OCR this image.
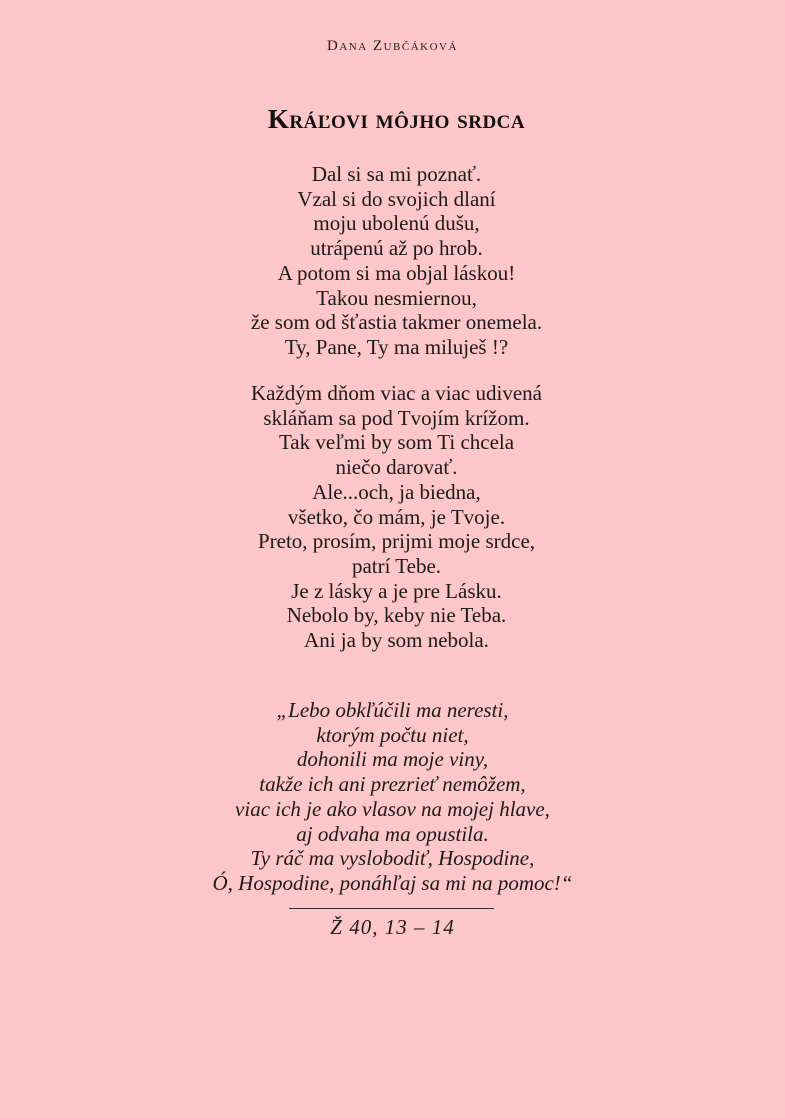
Dana Zubčáková
Kráľovi môjho srdca
Dal si sa mi poznať.
Vzal si do svojich dlaní
moju ubolenú dušu,
utrápenú až po hrob.
A potom si ma objal láskou!
Takou nesmiernou,
že som od šťastia takmer onemela.
Ty, Pane, Ty ma miluješ !?
Každým dňom viac a viac udivená
skláňam sa pod Tvojím krížom.
Tak veľmi by som Ti chcela
niečo darovať.
Ale...och, ja biedna,
všetko, čo mám, je Tvoje.
Preto, prosím, prijmi moje srdce,
patrí Tebe.
Je z lásky a je pre Lásku.
Nebolo by, keby nie Teba.
Ani ja by som nebola.
„Lebo obkľúčili ma neresti,
ktorým počtu niet,
dohonili ma moje viny,
takže ich ani prezrieť nemôžem,
viac ich je ako vlasov na mojej hlave,
aj odvaha ma opustila.
Ty ráč ma vyslobodiť, Hospodine,
Ó, Hospodine, ponáhľaj sa mi na pomoc!“
Ž 40, 13 – 14
